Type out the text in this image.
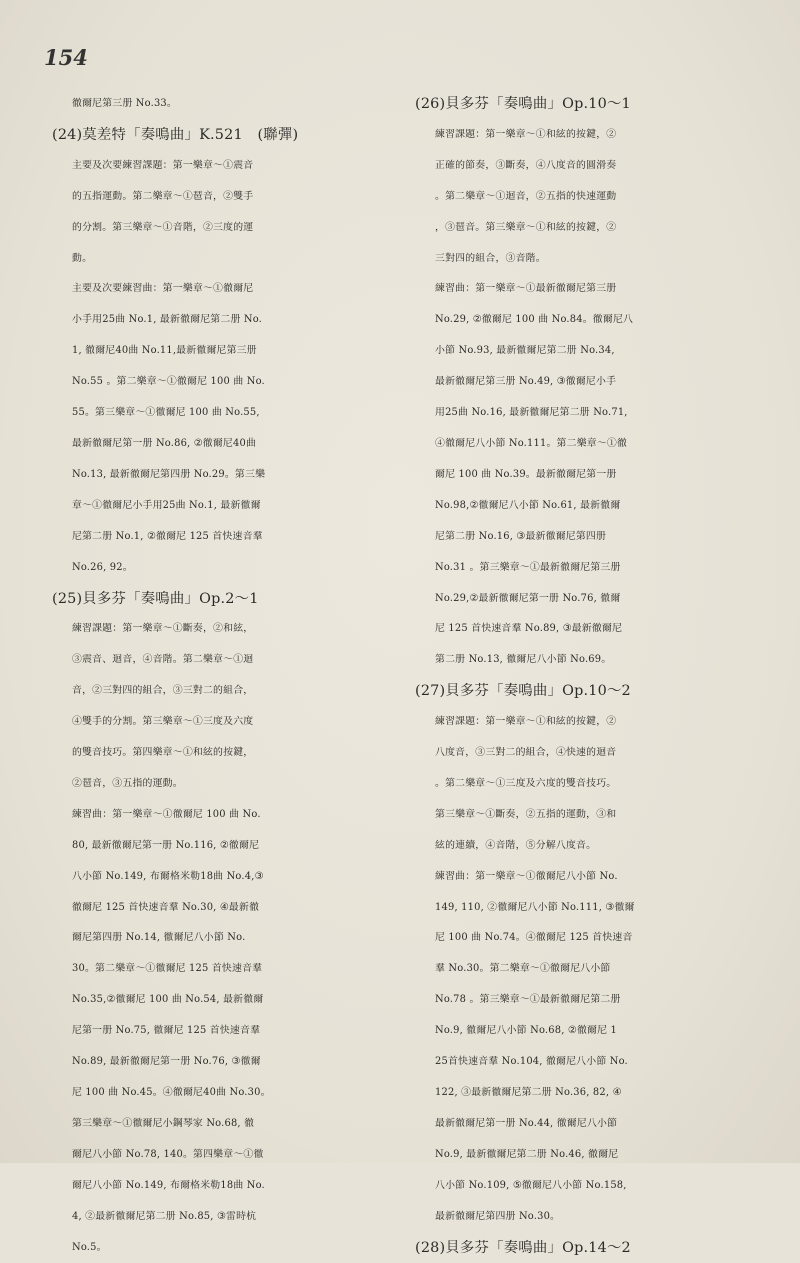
154
徹爾尼第三册 No.33。
(24)莫差特「奏鳴曲」K.521　(聯彈)
主要及次要練習課題：第一樂章～①震音
的五指運動。第二樂章～①琶音，②雙手
的分割。第三樂章～①音階，②三度的運
動。
主要及次要練習曲：第一樂章～①徹爾尼
小手用25曲 No.1, 最新徹爾尼第二册 No.
1, 徹爾尼40曲 No.11,最新徹爾尼第三册
No.55 。第二樂章～①徹爾尼 100 曲 No.
55。第三樂章～①徹爾尼 100 曲 No.55,
最新徹爾尼第一册 No.86, ②徹爾尼40曲
No.13, 最新徹爾尼第四册 No.29。第三樂
章～①徹爾尼小手用25曲 No.1, 最新徹爾
尼第二册 No.1, ②徹爾尼 125 首快速音羣
No.26, 92。
(25)貝多芬「奏鳴曲」Op.2～1
練習課題：第一樂章～①斷奏，②和絃，
③震音、迴音，④音階。第二樂章～①迴
音，②三對四的組合，③三對二的組合，
④雙手的分割。第三樂章～①三度及六度
的雙音技巧。第四樂章～①和絃的按鍵，
②琶音，③五指的運動。
練習曲：第一樂章～①徹爾尼 100 曲 No.
80, 最新徹爾尼第一册 No.116, ②徹爾尼
八小節 No.149, 布爾格米勒18曲 No.4,③
徹爾尼 125 首快速音羣 No.30, ④最新徹
爾尼第四册 No.14, 徹爾尼八小節 No.
30。第二樂章～①徹爾尼 125 首快速音羣
No.35,②徹爾尼 100 曲 No.54, 最新徹爾
尼第一册 No.75, 徹爾尼 125 首快速音羣
No.89, 最新徹爾尼第一册 No.76, ③徹爾
尼 100 曲 No.45。④徹爾尼40曲 No.30。
第三樂章～①徹爾尼小鋼琴家 No.68, 徹
爾尼八小節 No.78, 140。第四樂章～①徹
爾尼八小節 No.149, 布爾格米勒18曲 No.
4, ②最新徹爾尼第二册 No.85, ③雷時杭
No.5。
(26)貝多芬「奏鳴曲」Op.10～1
練習課題：第一樂章～①和絃的按鍵，②
正確的節奏，③斷奏，④八度音的圓滑奏
。第二樂章～①迴音，②五指的快速運動
，③琶音。第三樂章～①和絃的按鍵，②
三對四的組合，③音階。
練習曲：第一樂章～①最新徹爾尼第三册
No.29, ②徹爾尼 100 曲 No.84。徹爾尼八
小節 No.93, 最新徹爾尼第二册 No.34,
最新徹爾尼第三册 No.49, ③徹爾尼小手
用25曲 No.16, 最新徹爾尼第二册 No.71,
④徹爾尼八小節 No.111。第二樂章～①徹
爾尼 100 曲 No.39。最新徹爾尼第一册
No.98,②徹爾尼八小節 No.61, 最新徹爾
尼第二册 No.16, ③最新徹爾尼第四册
No.31 。第三樂章～①最新徹爾尼第三册
No.29,②最新徹爾尼第一册 No.76, 徹爾
尼 125 首快速音羣 No.89, ③最新徹爾尼
第二册 No.13, 徹爾尼八小節 No.69。
(27)貝多芬「奏鳴曲」Op.10～2
練習課題：第一樂章～①和絃的按鍵，②
八度音，③三對二的組合，④快速的迴音
。第二樂章～①三度及六度的雙音技巧。
第三樂章～①斷奏，②五指的運動，③和
絃的連續，④音階，⑤分解八度音。
練習曲：第一樂章～①徹爾尼八小節 No.
149, 110, ②徹爾尼八小節 No.111, ③徹爾
尼 100 曲 No.74。④徹爾尼 125 首快速音
羣 No.30。第二樂章～①徹爾尼八小節
No.78 。第三樂章～①最新徹爾尼第二册
No.9, 徹爾尼八小節 No.68, ②徹爾尼 1
25首快速音羣 No.104, 徹爾尼八小節 No.
122, ③最新徹爾尼第二册 No.36, 82, ④
最新徹爾尼第一册 No.44, 徹爾尼八小節
No.9, 最新徹爾尼第二册 No.46, 徹爾尼
八小節 No.109, ⑤徹爾尼八小節 No.158,
最新徹爾尼第四册 No.30。
(28)貝多芬「奏鳴曲」Op.14～2
